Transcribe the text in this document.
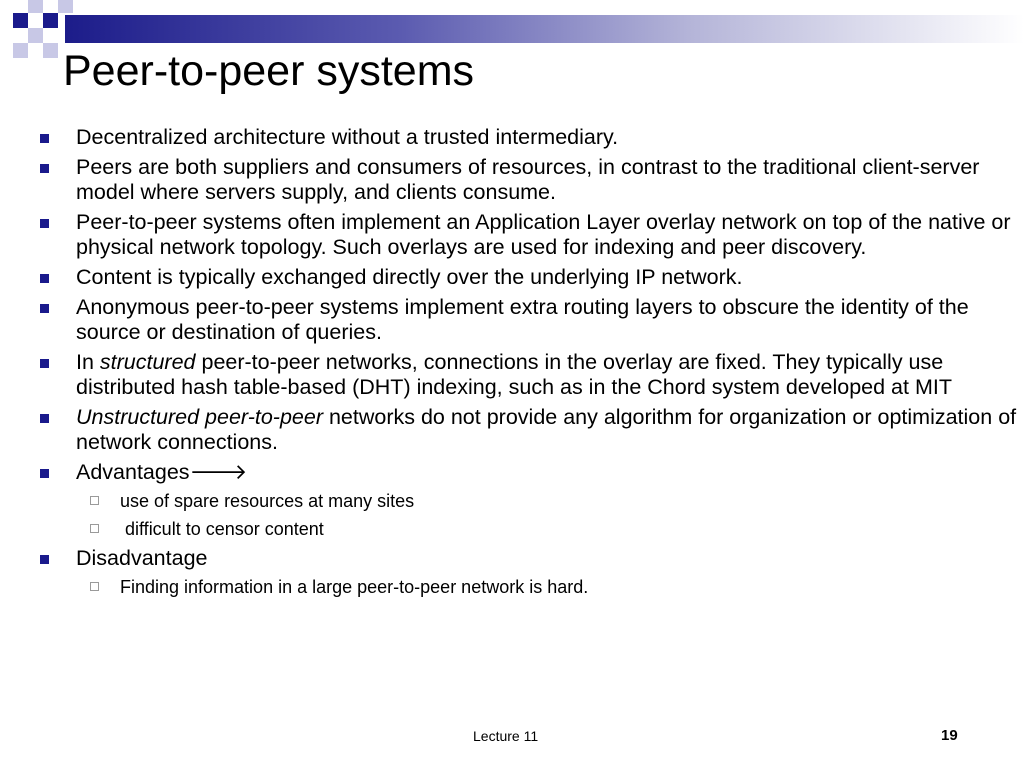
Peer-to-peer systems
Decentralized architecture without a trusted intermediary.
Peers are both suppliers and consumers of resources, in contrast to the traditional client-server model where servers supply, and clients consume.
Peer-to-peer systems often implement an Application Layer overlay network on top of the native or physical network topology. Such overlays are used for indexing and peer discovery.
Content is typically exchanged directly over the underlying IP network.
Anonymous peer-to-peer systems implement extra routing layers to obscure the identity of the source or destination of queries.
In structured peer-to-peer networks, connections in the overlay are fixed. They typically use distributed hash table-based (DHT) indexing, such as in the Chord system developed at MIT
Unstructured peer-to-peer networks do not provide any algorithm for organization or optimization of network connections.
Advantages🡒
use of spare resources at many sites
difficult to censor content
Disadvantage
Finding information in a large peer-to-peer network is hard.
Lecture 11	19
